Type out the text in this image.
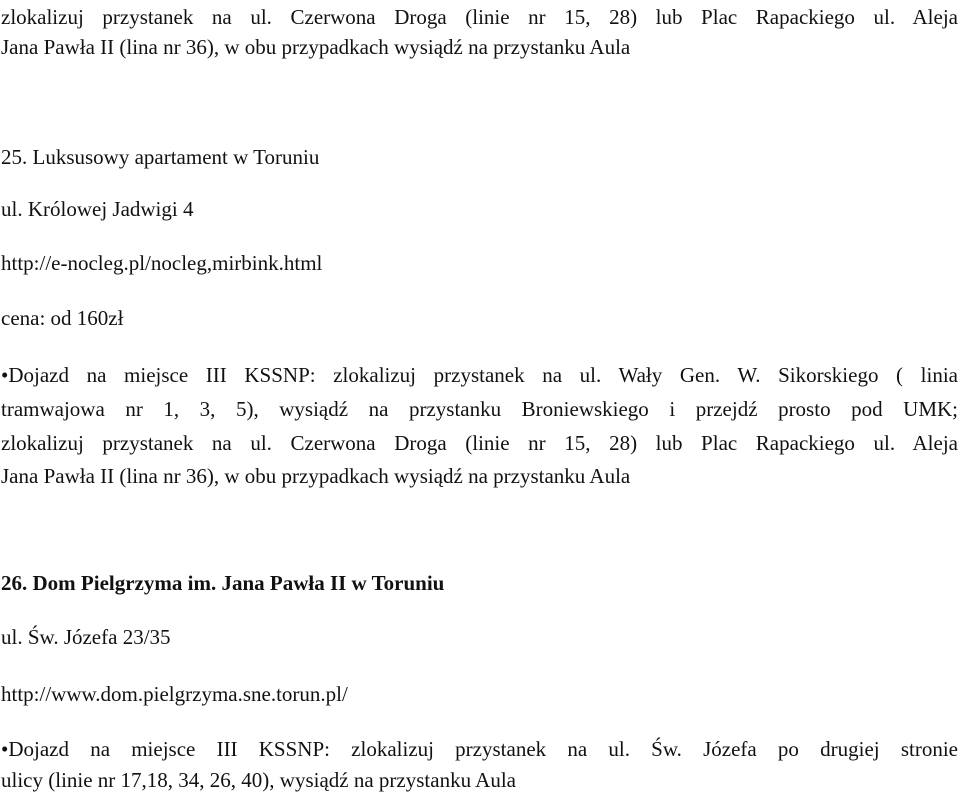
zlokalizuj przystanek na ul. Czerwona Droga (linie nr 15, 28) lub Plac Rapackiego ul. Aleja

Jana Pawła II (lina nr 36), w obu przypadkach wysiądź na przystanku Aula

25. Luksusowy apartament w Toruniu

ul. Królowej Jadwigi 4

http://e-nocleg.pl/nocleg,mirbink.html

cena: od 160zł

•Dojazd na miejsce III KSSNP: zlokalizuj przystanek na ul. Wały Gen. W. Sikorskiego ( linia

tramwajowa nr 1, 3, 5), wysiądź na przystanku Broniewskiego i przejdź prosto pod UMK;

zlokalizuj przystanek na ul. Czerwona Droga (linie nr 15, 28) lub Plac Rapackiego ul. Aleja

Jana Pawła II (lina nr 36), w obu przypadkach wysiądź na przystanku Aula

26. Dom Pielgrzyma im. Jana Pawła II w Toruniu

ul. Św. Józefa 23/35

http://www.dom.pielgrzyma.sne.torun.pl/

•Dojazd na miejsce III KSSNP: zlokalizuj przystanek na ul. Św. Józefa po drugiej stronie

ulicy (linie nr 17,18, 34, 26, 40), wysiądź na przystanku Aula
